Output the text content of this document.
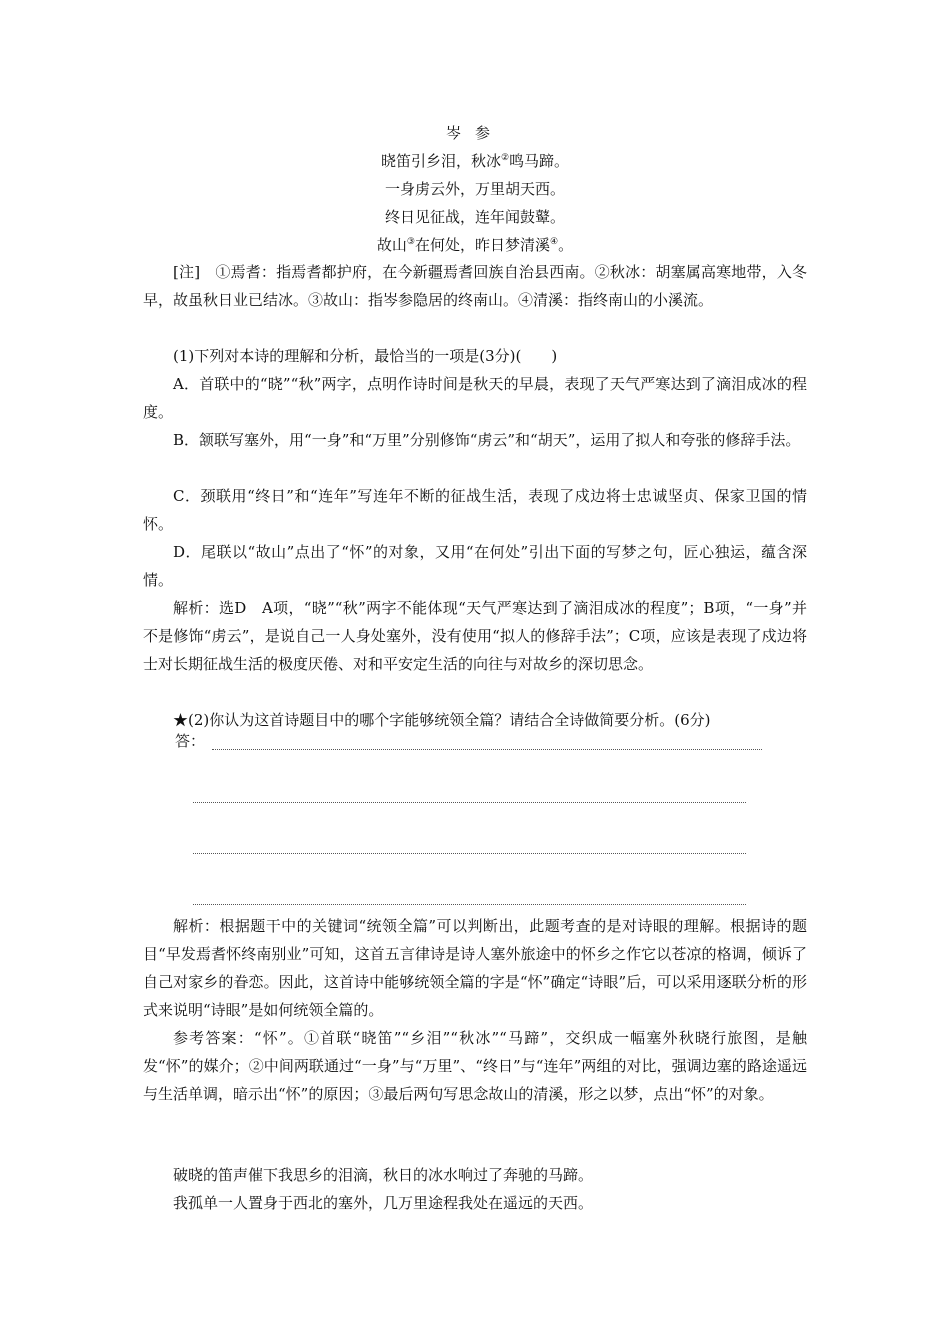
岑参
晓笛引乡泪，秋冰②鸣马蹄。
一身虏云外，万里胡天西。
终日见征战，连年闻鼓鼙。
故山③在何处，昨日梦清溪④。

[注]　①焉耆：指焉耆都护府，在今新疆焉耆回族自治县西南。②秋冰：胡塞属高寒地带，入冬早，故虽秋日业已结冰。③故山：指岑参隐居的终南山。④清溪：指终南山的小溪流。

(1)下列对本诗的理解和分析，最恰当的一项是(3分)(　　)

A．首联中的“晓”“秋”两字，点明作诗时间是秋天的早晨，表现了天气严寒达到了滴泪成冰的程度。

B．颔联写塞外，用“一身”和“万里”分别修饰“虏云”和“胡天”，运用了拟人和夸张的修辞手法。

C．颈联用“终日”和“连年”写连年不断的征战生活，表现了戍边将士忠诚坚贞、保家卫国的情怀。

D．尾联以“故山”点出了“怀”的对象，又用“在何处”引出下面的写梦之句，匠心独运，蕴含深情。

解析：选D　A项，“晓”“秋”两字不能体现“天气严寒达到了滴泪成冰的程度”；B项，“一身”并不是修饰“虏云”，是说自己一人身处塞外，没有使用“拟人的修辞手法”；C项，应该是表现了戍边将士对长期征战生活的极度厌倦、对和平安定生活的向往与对故乡的深切思念。

★(2)你认为这首诗题目中的哪个字能够统领全篇？请结合全诗做简要分析。(6分)

答：

解析：根据题干中的关键词“统领全篇”可以判断出，此题考查的是对诗眼的理解。根据诗的题目“早发焉耆怀终南别业”可知，这首五言律诗是诗人塞外旅途中的怀乡之作它以苍凉的格调，倾诉了自己对家乡的眷恋。因此，这首诗中能够统领全篇的字是“怀”确定“诗眼”后，可以采用逐联分析的形式来说明“诗眼”是如何统领全篇的。

参考答案：“怀”。①首联“晓笛”“乡泪”“秋冰”“马蹄”，交织成一幅塞外秋晓行旅图，是触发“怀”的媒介；②中间两联通过“一身”与“万里”、“终日”与“连年”两组的对比，强调边塞的路途遥远与生活单调，暗示出“怀”的原因；③最后两句写思念故山的清溪，形之以梦，点出“怀”的对象。

破晓的笛声催下我思乡的泪滴，秋日的冰水响过了奔驰的马蹄。

我孤单一人置身于西北的塞外，几万里途程我处在遥远的天西。
